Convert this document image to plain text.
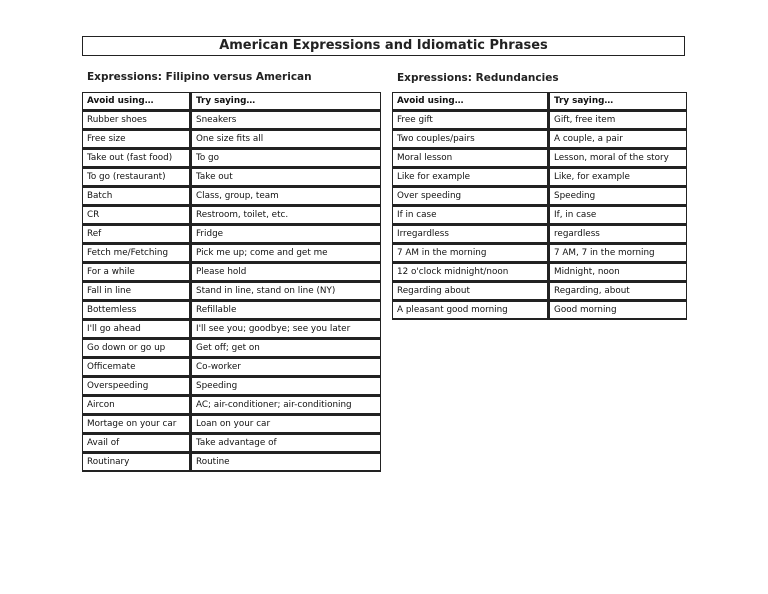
American Expressions and Idiomatic Phrases
Expressions: Filipino versus American	Expressions: Redundancies
Avoid using…	Try saying…
Rubber shoes	Sneakers
Free size	One size fits all
Take out (fast food)	To go
To go (restaurant)	Take out
Batch	Class, group, team
CR	Restroom, toilet, etc.
Ref	Fridge
Fetch me/Fetching	Pick me up; come and get me
For a while	Please hold
Fall in line	Stand in line, stand on line (NY)
Bottemless	Refillable
I'll go ahead	I'll see you; goodbye; see you later
Go down or go up	Get off; get on
Officemate	Co-worker
Overspeeding	Speeding
Aircon	AC; air-conditioner; air-conditioning
Mortage on your car	Loan on your car
Avail of	Take advantage of
Routinary	Routine
Avoid using…	Try saying…
Free gift	Gift, free item
Two couples/pairs	A couple, a pair
Moral lesson	Lesson, moral of the story
Like for example	Like, for example
Over speeding	Speeding
If in case	If, in case
Irregardless	regardless
7 AM in the morning	7 AM, 7 in the morning
12 o'clock midnight/noon	Midnight, noon
Regarding about	Regarding, about
A pleasant good morning	Good morning
